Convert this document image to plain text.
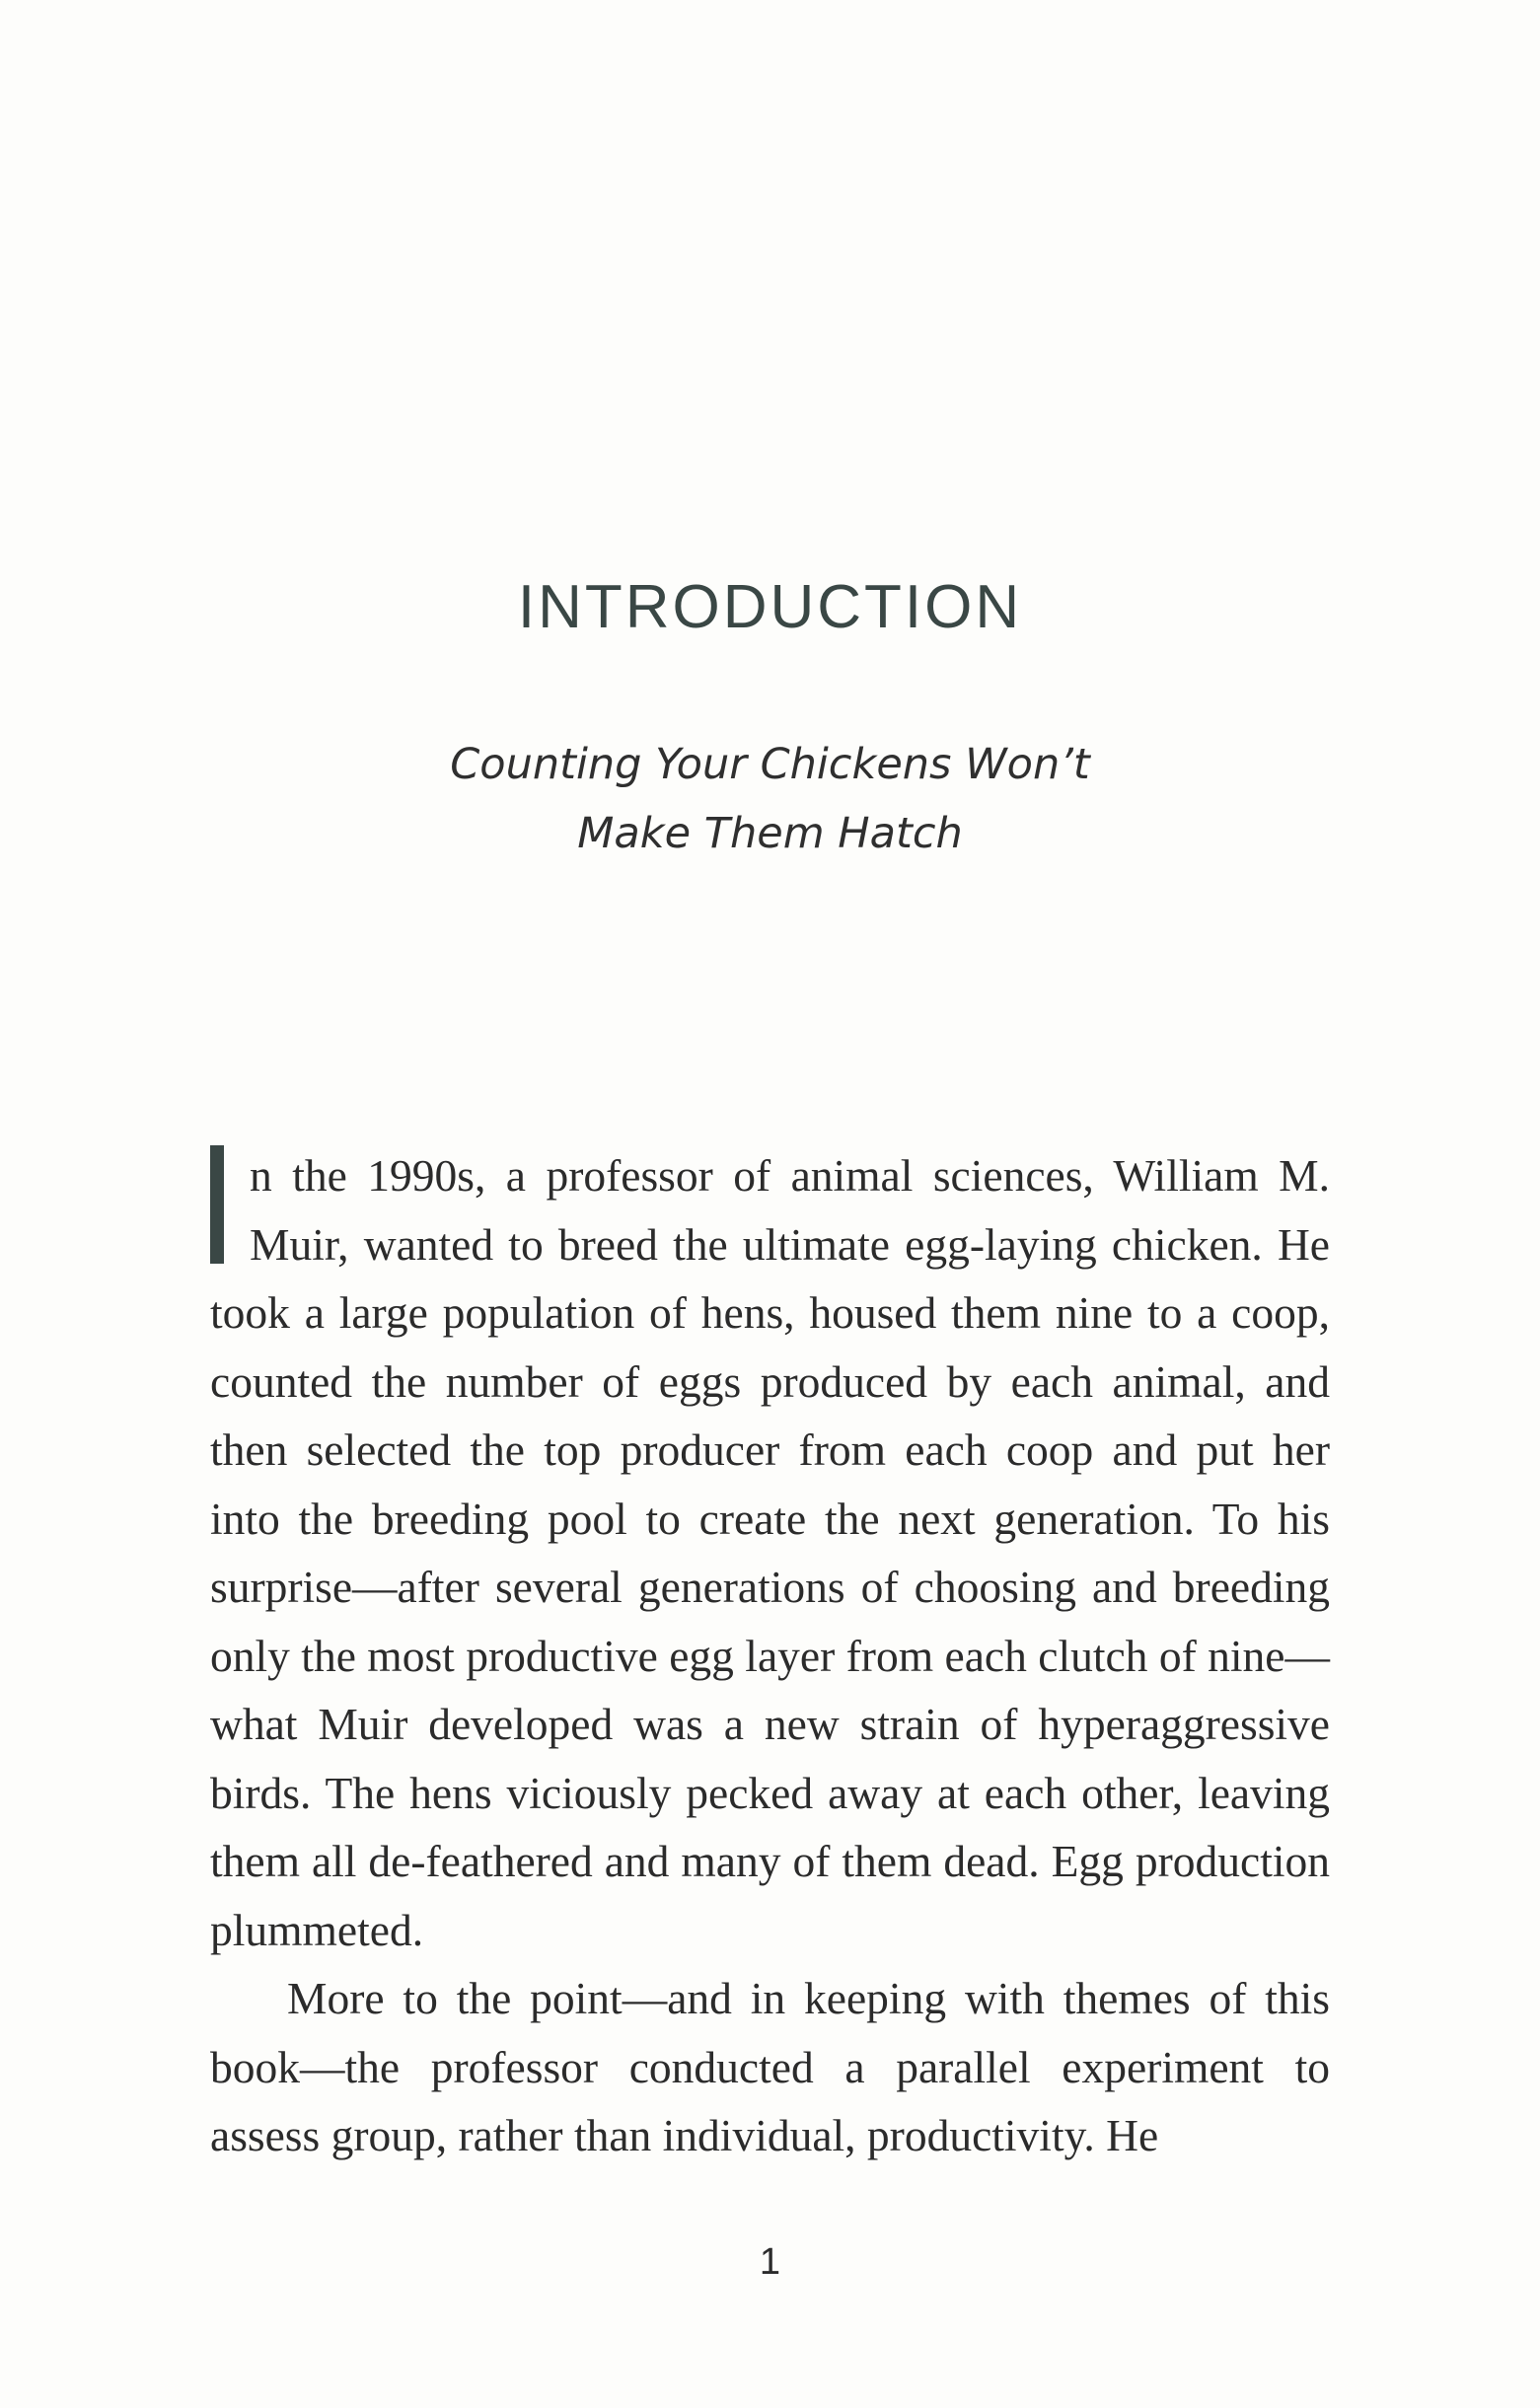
INTRODUCTION
Counting Your Chickens Won’t
Make Them Hatch

n the 1990s, a professor of animal sciences, William M. Muir, wanted to breed the ultimate egg-laying chicken. He took a large population of hens, housed them nine to a coop, counted the number of eggs produced by each animal, and then selected the top producer from each coop and put her into the breeding pool to create the next generation. To his surprise—after several generations of choosing and breeding only the most productive egg layer from each clutch of nine—what Muir developed was a new strain of hyperaggressive birds. The hens viciously pecked away at each other, leaving them all de-feathered and many of them dead. Egg production plummeted.

More to the point—and in keeping with themes of this book—the professor conducted a parallel experiment to assess group, rather than individual, productivity. He

1
